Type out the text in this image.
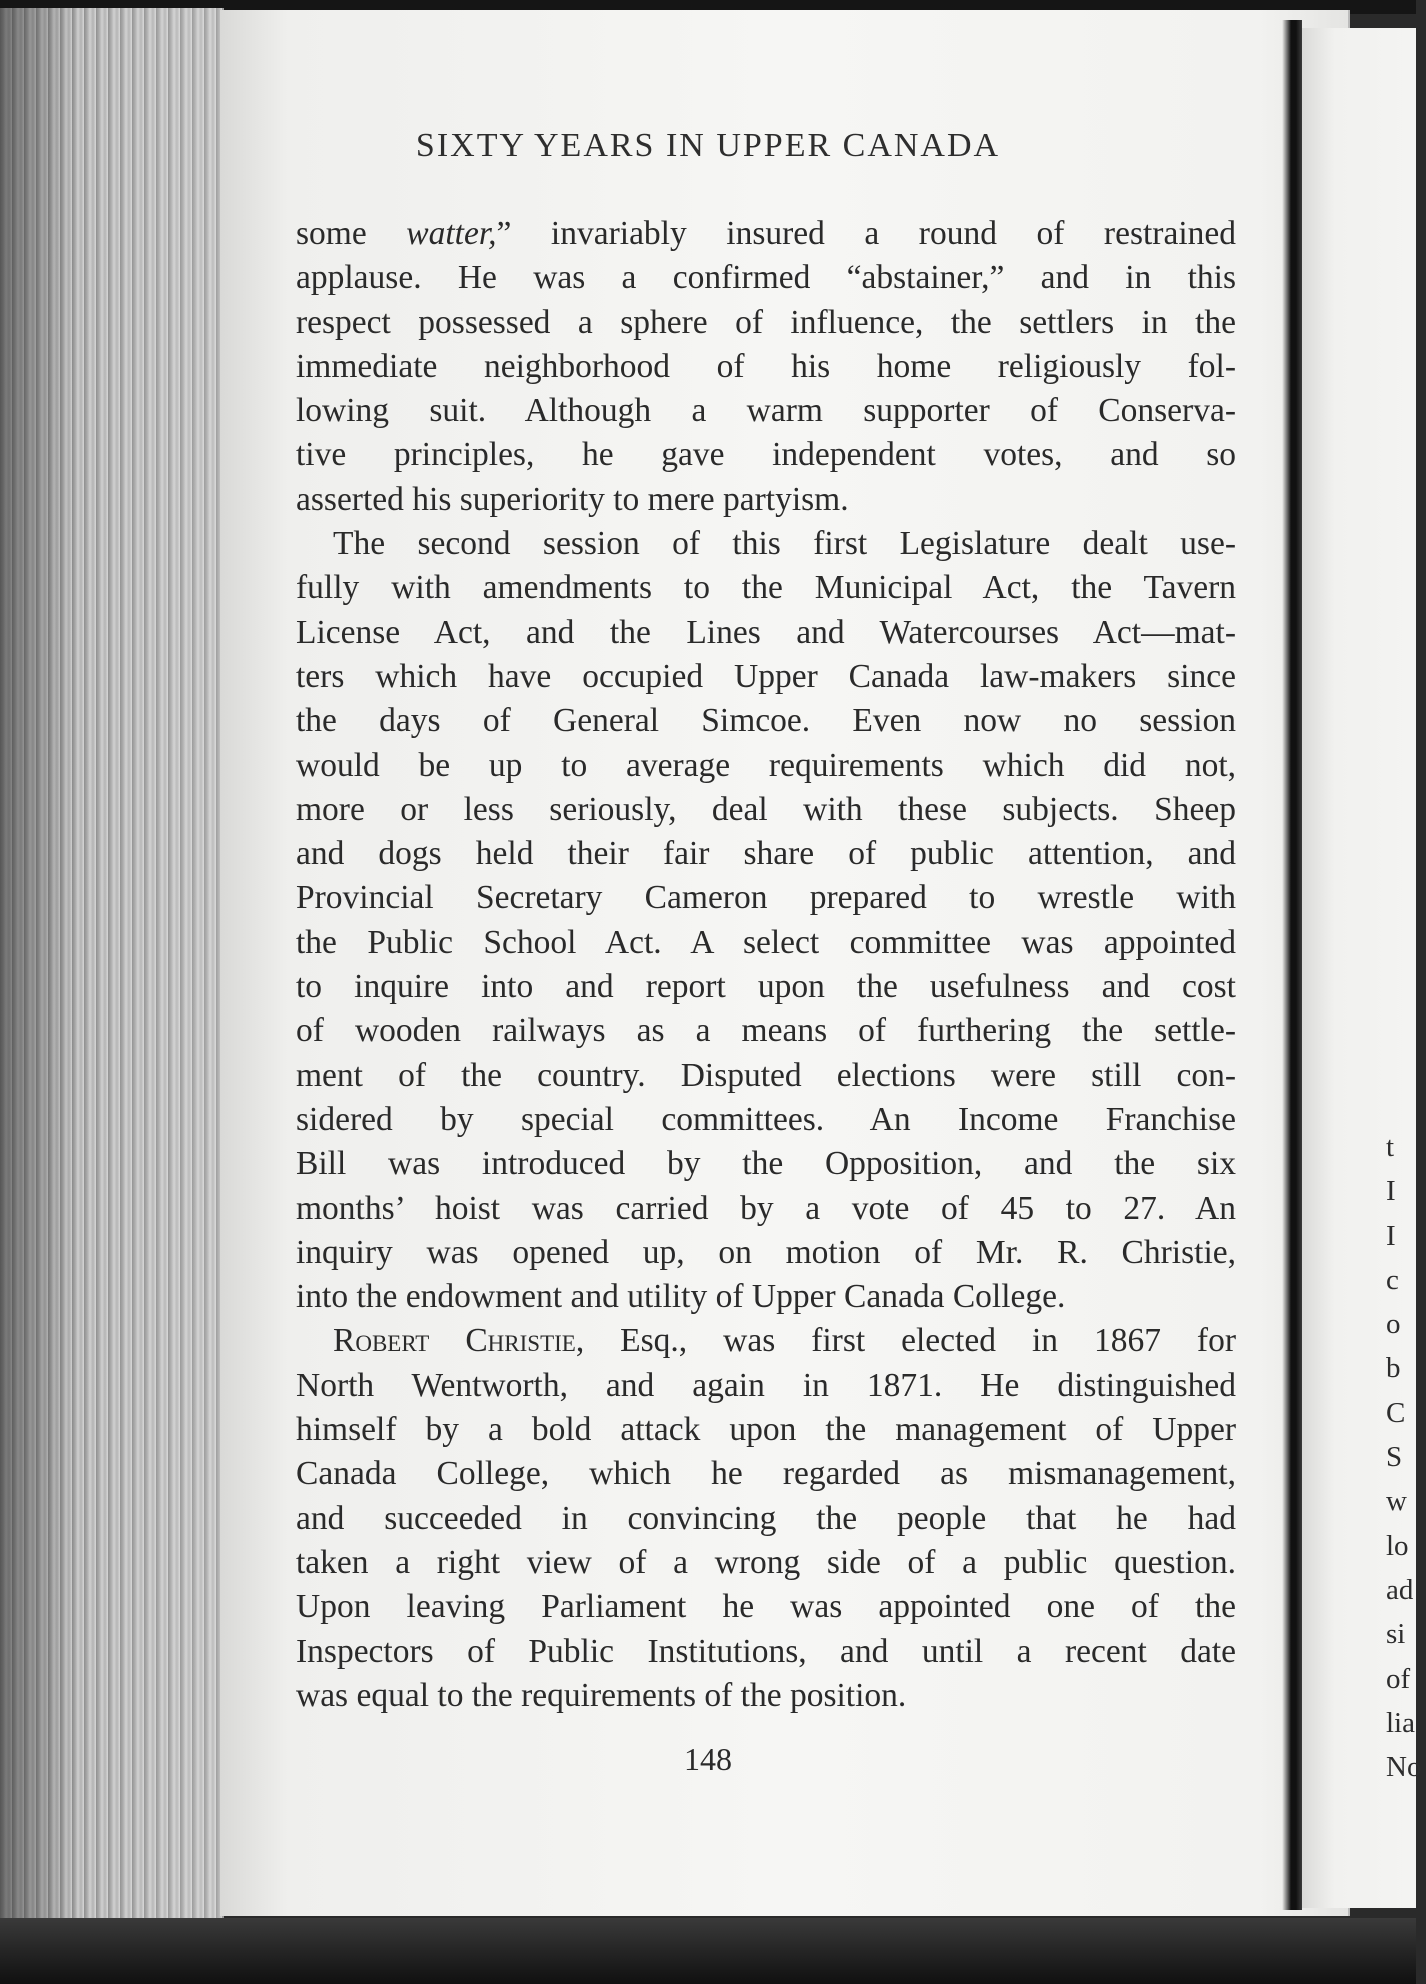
SIXTY YEARS IN UPPER CANADA
some watter,” invariably insured a round of restrained
applause. He was a confirmed “abstainer,” and in this
respect possessed a sphere of influence, the settlers in the
immediate neighborhood of his home religiously fol-
lowing suit. Although a warm supporter of Conserva-
tive principles, he gave independent votes, and so
asserted his superiority to mere partyism.
The second session of this first Legislature dealt use-
fully with amendments to the Municipal Act, the Tavern
License Act, and the Lines and Watercourses Act—mat-
ters which have occupied Upper Canada law-makers since
the days of General Simcoe. Even now no session
would be up to average requirements which did not,
more or less seriously, deal with these subjects. Sheep
and dogs held their fair share of public attention, and
Provincial Secretary Cameron prepared to wrestle with
the Public School Act. A select committee was appointed
to inquire into and report upon the usefulness and cost
of wooden railways as a means of furthering the settle-
ment of the country. Disputed elections were still con-
sidered by special committees. An Income Franchise
Bill was introduced by the Opposition, and the six
months’ hoist was carried by a vote of 45 to 27. An
inquiry was opened up, on motion of Mr. R. Christie,
into the endowment and utility of Upper Canada College.
Robert Christie, Esq., was first elected in 1867 for
North Wentworth, and again in 1871. He distinguished
himself by a bold attack upon the management of Upper
Canada College, which he regarded as mismanagement,
and succeeded in convincing the people that he had
taken a right view of a wrong side of a public question.
Upon leaving Parliament he was appointed one of the
Inspectors of Public Institutions, and until a recent date
was equal to the requirements of the position.
148
t
I
I
c
o
b
C
S
w
lo
ad
si
of
lia
No
